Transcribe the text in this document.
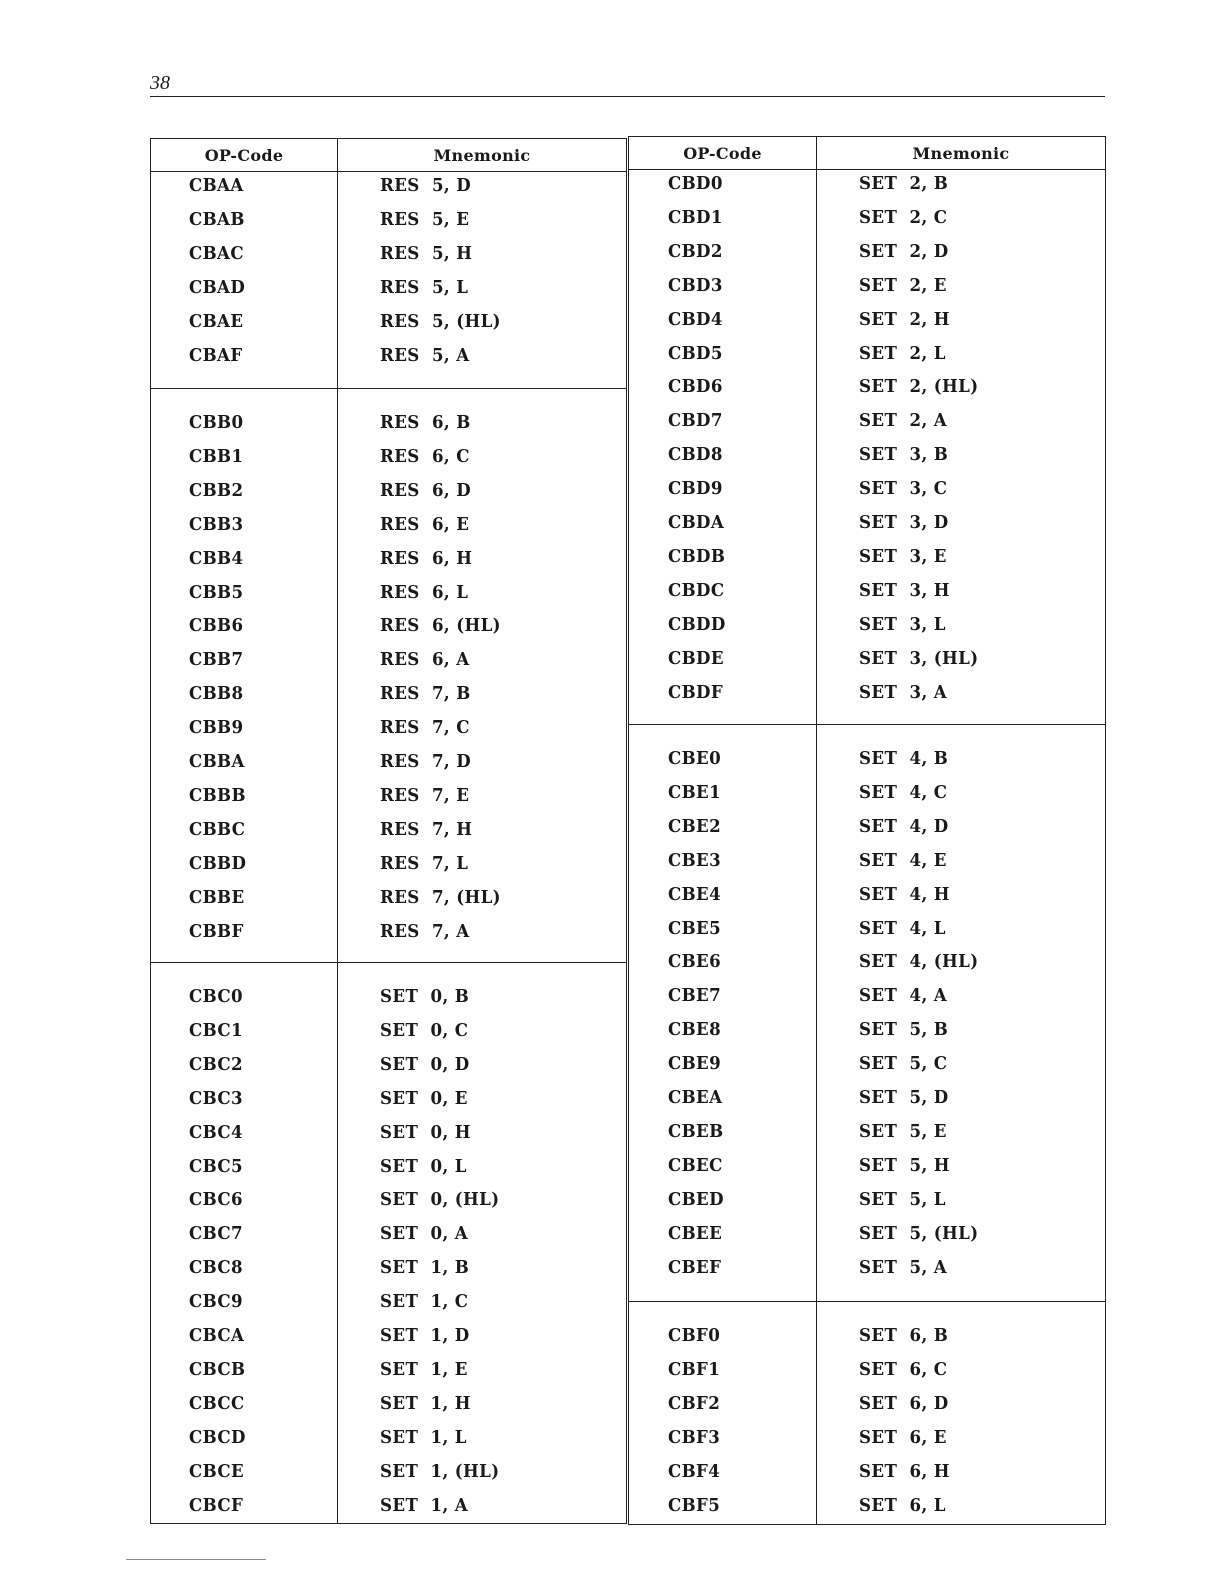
38
OP-Code	Mnemonic
CBAA	RES  5, D
CBAB	RES  5, E
CBAC	RES  5, H
CBAD	RES  5, L
CBAE	RES  5, (HL)
CBAF	RES  5, A
CBB0	RES  6, B
CBB1	RES  6, C
CBB2	RES  6, D
CBB3	RES  6, E
CBB4	RES  6, H
CBB5	RES  6, L
CBB6	RES  6, (HL)
CBB7	RES  6, A
CBB8	RES  7, B
CBB9	RES  7, C
CBBA	RES  7, D
CBBB	RES  7, E
CBBC	RES  7, H
CBBD	RES  7, L
CBBE	RES  7, (HL)
CBBF	RES  7, A
CBC0	SET  0, B
CBC1	SET  0, C
CBC2	SET  0, D
CBC3	SET  0, E
CBC4	SET  0, H
CBC5	SET  0, L
CBC6	SET  0, (HL)
CBC7	SET  0, A
CBC8	SET  1, B
CBC9	SET  1, C
CBCA	SET  1, D
CBCB	SET  1, E
CBCC	SET  1, H
CBCD	SET  1, L
CBCE	SET  1, (HL)
CBCF	SET  1, A
OP-Code	Mnemonic
CBD0	SET  2, B
CBD1	SET  2, C
CBD2	SET  2, D
CBD3	SET  2, E
CBD4	SET  2, H
CBD5	SET  2, L
CBD6	SET  2, (HL)
CBD7	SET  2, A
CBD8	SET  3, B
CBD9	SET  3, C
CBDA	SET  3, D
CBDB	SET  3, E
CBDC	SET  3, H
CBDD	SET  3, L
CBDE	SET  3, (HL)
CBDF	SET  3, A
CBE0	SET  4, B
CBE1	SET  4, C
CBE2	SET  4, D
CBE3	SET  4, E
CBE4	SET  4, H
CBE5	SET  4, L
CBE6	SET  4, (HL)
CBE7	SET  4, A
CBE8	SET  5, B
CBE9	SET  5, C
CBEA	SET  5, D
CBEB	SET  5, E
CBEC	SET  5, H
CBED	SET  5, L
CBEE	SET  5, (HL)
CBEF	SET  5, A
CBF0	SET  6, B
CBF1	SET  6, C
CBF2	SET  6, D
CBF3	SET  6, E
CBF4	SET  6, H
CBF5	SET  6, L
